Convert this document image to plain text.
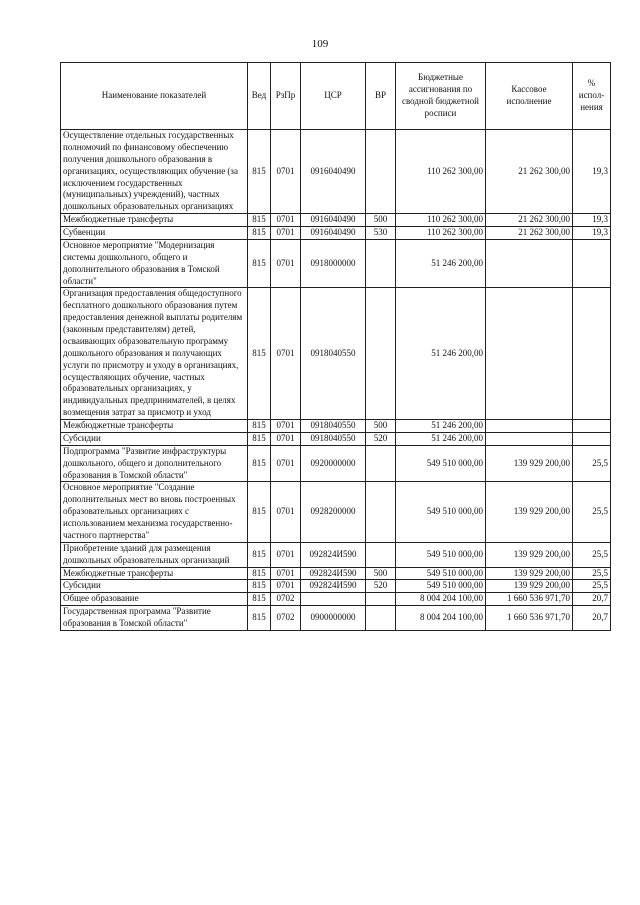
109
Наименование показателей	Вед	РзПр	ЦСР	ВР	Бюджетные ассигнования по сводной бюджетной росписи	Кассовое исполнение	% испол- нения
Осуществление отдельных государственных полномочий по финансовому обеспечению получения дошкольного образования в организациях, осуществляющих обучение (за исключением государственных (муниципальных) учреждений), частных дошкольных образовательных организациях	815	0701	0916040490		110 262 300,00	21 262 300,00	19,3
Межбюджетные трансферты	815	0701	0916040490	500	110 262 300,00	21 262 300,00	19,3
Субвенции	815	0701	0916040490	530	110 262 300,00	21 262 300,00	19,3
Основное мероприятие "Модернизация системы дошкольного, общего и дополнительного образования в Томской области"	815	0701	0918000000		51 246 200,00		
Организация предоставления общедоступного бесплатного дошкольного образования путем предоставления денежной выплаты родителям (законным представителям) детей, осваивающих образовательную программу дошкольного образования и получающих услуги по присмотру и уходу в организациях, осуществляющих обучение, частных образовательных организациях, у индивидуальных предпринимателей, в целях возмещения затрат за присмотр и уход	815	0701	0918040550		51 246 200,00		
Межбюджетные трансферты	815	0701	0918040550	500	51 246 200,00		
Субсидии	815	0701	0918040550	520	51 246 200,00		
Подпрограмма "Развитие инфраструктуры дошкольного, общего и дополнительного образования в Томской области"	815	0701	0920000000		549 510 000,00	139 929 200,00	25,5
Основное мероприятие "Создание дополнительных мест во вновь построенных образовательных организациях с использованием механизма государственно-частного партнерства"	815	0701	0928200000		549 510 000,00	139 929 200,00	25,5
Приобретение зданий для размещения дошкольных образовательных организаций	815	0701	092824И590		549 510 000,00	139 929 200,00	25,5
Межбюджетные трансферты	815	0701	092824И590	500	549 510 000,00	139 929 200,00	25,5
Субсидии	815	0701	092824И590	520	549 510 000,00	139 929 200,00	25,5
Общее образование	815	0702			8 004 204 100,00	1 660 536 971,70	20,7
Государственная программа "Развитие образования в Томской области"	815	0702	0900000000		8 004 204 100,00	1 660 536 971,70	20,7
